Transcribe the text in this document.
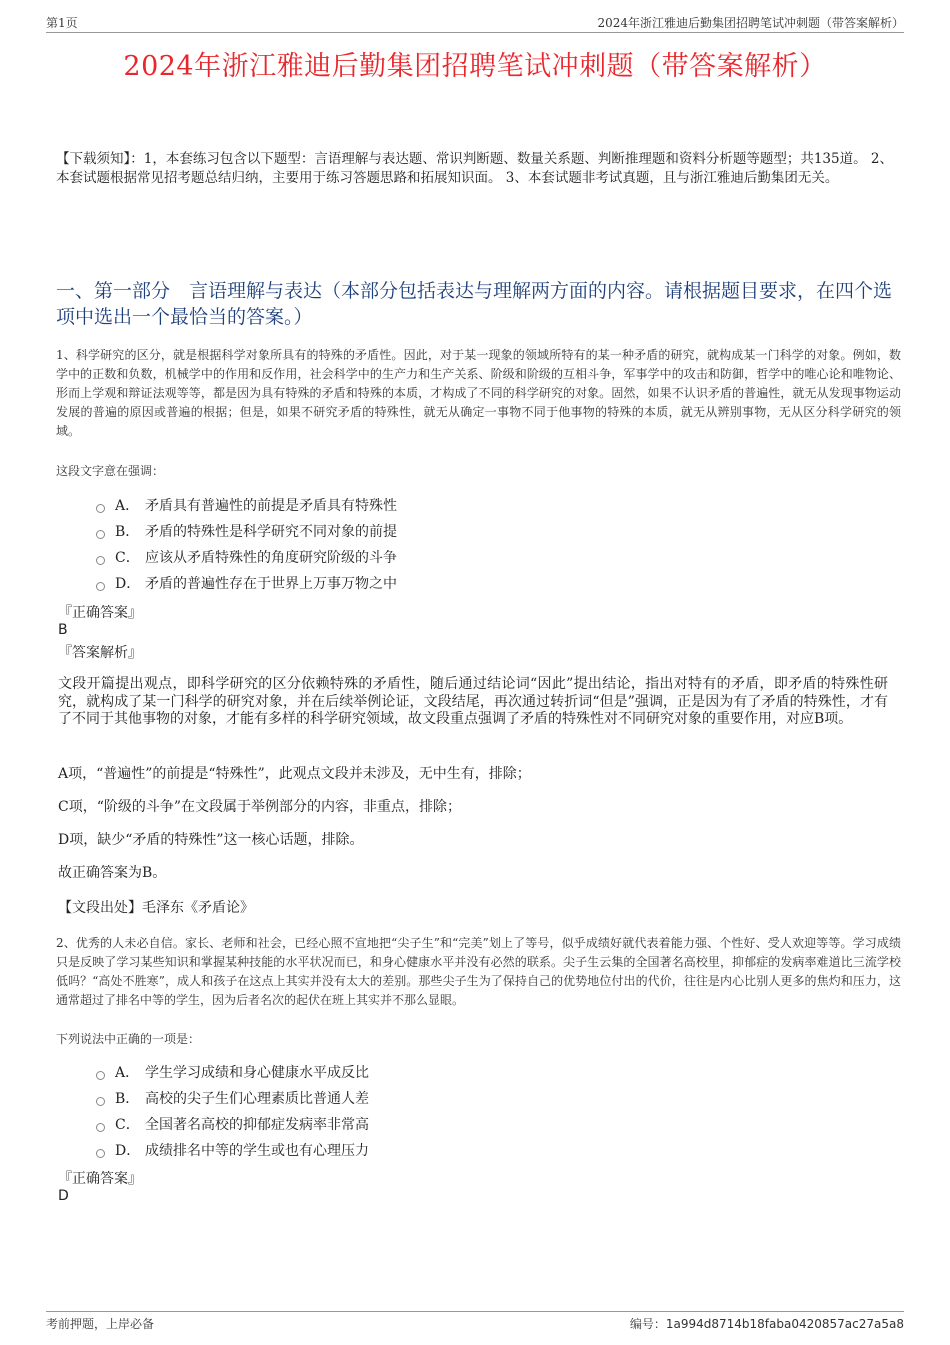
第1页	2024年浙江雅迪后勤集团招聘笔试冲刺题（带答案解析）
2024年浙江雅迪后勤集团招聘笔试冲刺题（带答案解析）
【下载须知】：1，本套练习包含以下题型：言语理解与表达题、常识判断题、数量关系题、判断推理题和资料分析题等题型；共135道。 2、本套试题根据常见招考题总结归纳，主要用于练习答题思路和拓展知识面。 3、本套试题非考试真题，且与浙江雅迪后勤集团无关。
一、第一部分　言语理解与表达（本部分包括表达与理解两方面的内容。请根据题目要求，在四个选项中选出一个最恰当的答案。）
1、科学研究的区分，就是根据科学对象所具有的特殊的矛盾性。因此，对于某一现象的领域所特有的某一种矛盾的研究，就构成某一门科学的对象。例如，数学中的正数和负数，机械学中的作用和反作用，社会科学中的生产力和生产关系、阶级和阶级的互相斗争，军事学中的攻击和防御，哲学中的唯心论和唯物论、形而上学观和辩证法观等等，都是因为具有特殊的矛盾和特殊的本质，才构成了不同的科学研究的对象。固然，如果不认识矛盾的普遍性，就无从发现事物运动发展的普遍的原因或普遍的根据；但是，如果不研究矛盾的特殊性，就无从确定一事物不同于他事物的特殊的本质，就无从辨别事物，无从区分科学研究的领域。
这段文字意在强调：
A． 矛盾具有普遍性的前提是矛盾具有特殊性
B． 矛盾的特殊性是科学研究不同对象的前提
C． 应该从矛盾特殊性的角度研究阶级的斗争
D． 矛盾的普遍性存在于世界上万事万物之中
『正确答案』
B
『答案解析』
文段开篇提出观点，即科学研究的区分依赖特殊的矛盾性，随后通过结论词“因此”提出结论，指出对特有的矛盾，即矛盾的特殊性研究，就构成了某一门科学的研究对象，并在后续举例论证，文段结尾，再次通过转折词“但是”强调，正是因为有了矛盾的特殊性，才有了不同于其他事物的对象，才能有多样的科学研究领域，故文段重点强调了矛盾的特殊性对不同研究对象的重要作用，对应B项。
A项，“普遍性”的前提是“特殊性”，此观点文段并未涉及，无中生有，排除；
C项，“阶级的斗争”在文段属于举例部分的内容，非重点，排除；
D项，缺少“矛盾的特殊性”这一核心话题，排除。
故正确答案为B。
【文段出处】毛泽东《矛盾论》
2、优秀的人未必自信。家长、老师和社会，已经心照不宣地把“尖子生”和“完美”划上了等号，似乎成绩好就代表着能力强、个性好、受人欢迎等等。学习成绩只是反映了学习某些知识和掌握某种技能的水平状况而已，和身心健康水平并没有必然的联系。尖子生云集的全国著名高校里，抑郁症的发病率难道比三流学校低吗？“高处不胜寒”，成人和孩子在这点上其实并没有太大的差别。那些尖子生为了保持自己的优势地位付出的代价，往往是内心比别人更多的焦灼和压力，这通常超过了排名中等的学生，因为后者名次的起伏在班上其实并不那么显眼。
下列说法中正确的一项是：
A． 学生学习成绩和身心健康水平成反比
B． 高校的尖子生们心理素质比普通人差
C． 全国著名高校的抑郁症发病率非常高
D． 成绩排名中等的学生或也有心理压力
『正确答案』
D
考前押题，上岸必备	编号：1a994d8714b18faba0420857ac27a5a8
